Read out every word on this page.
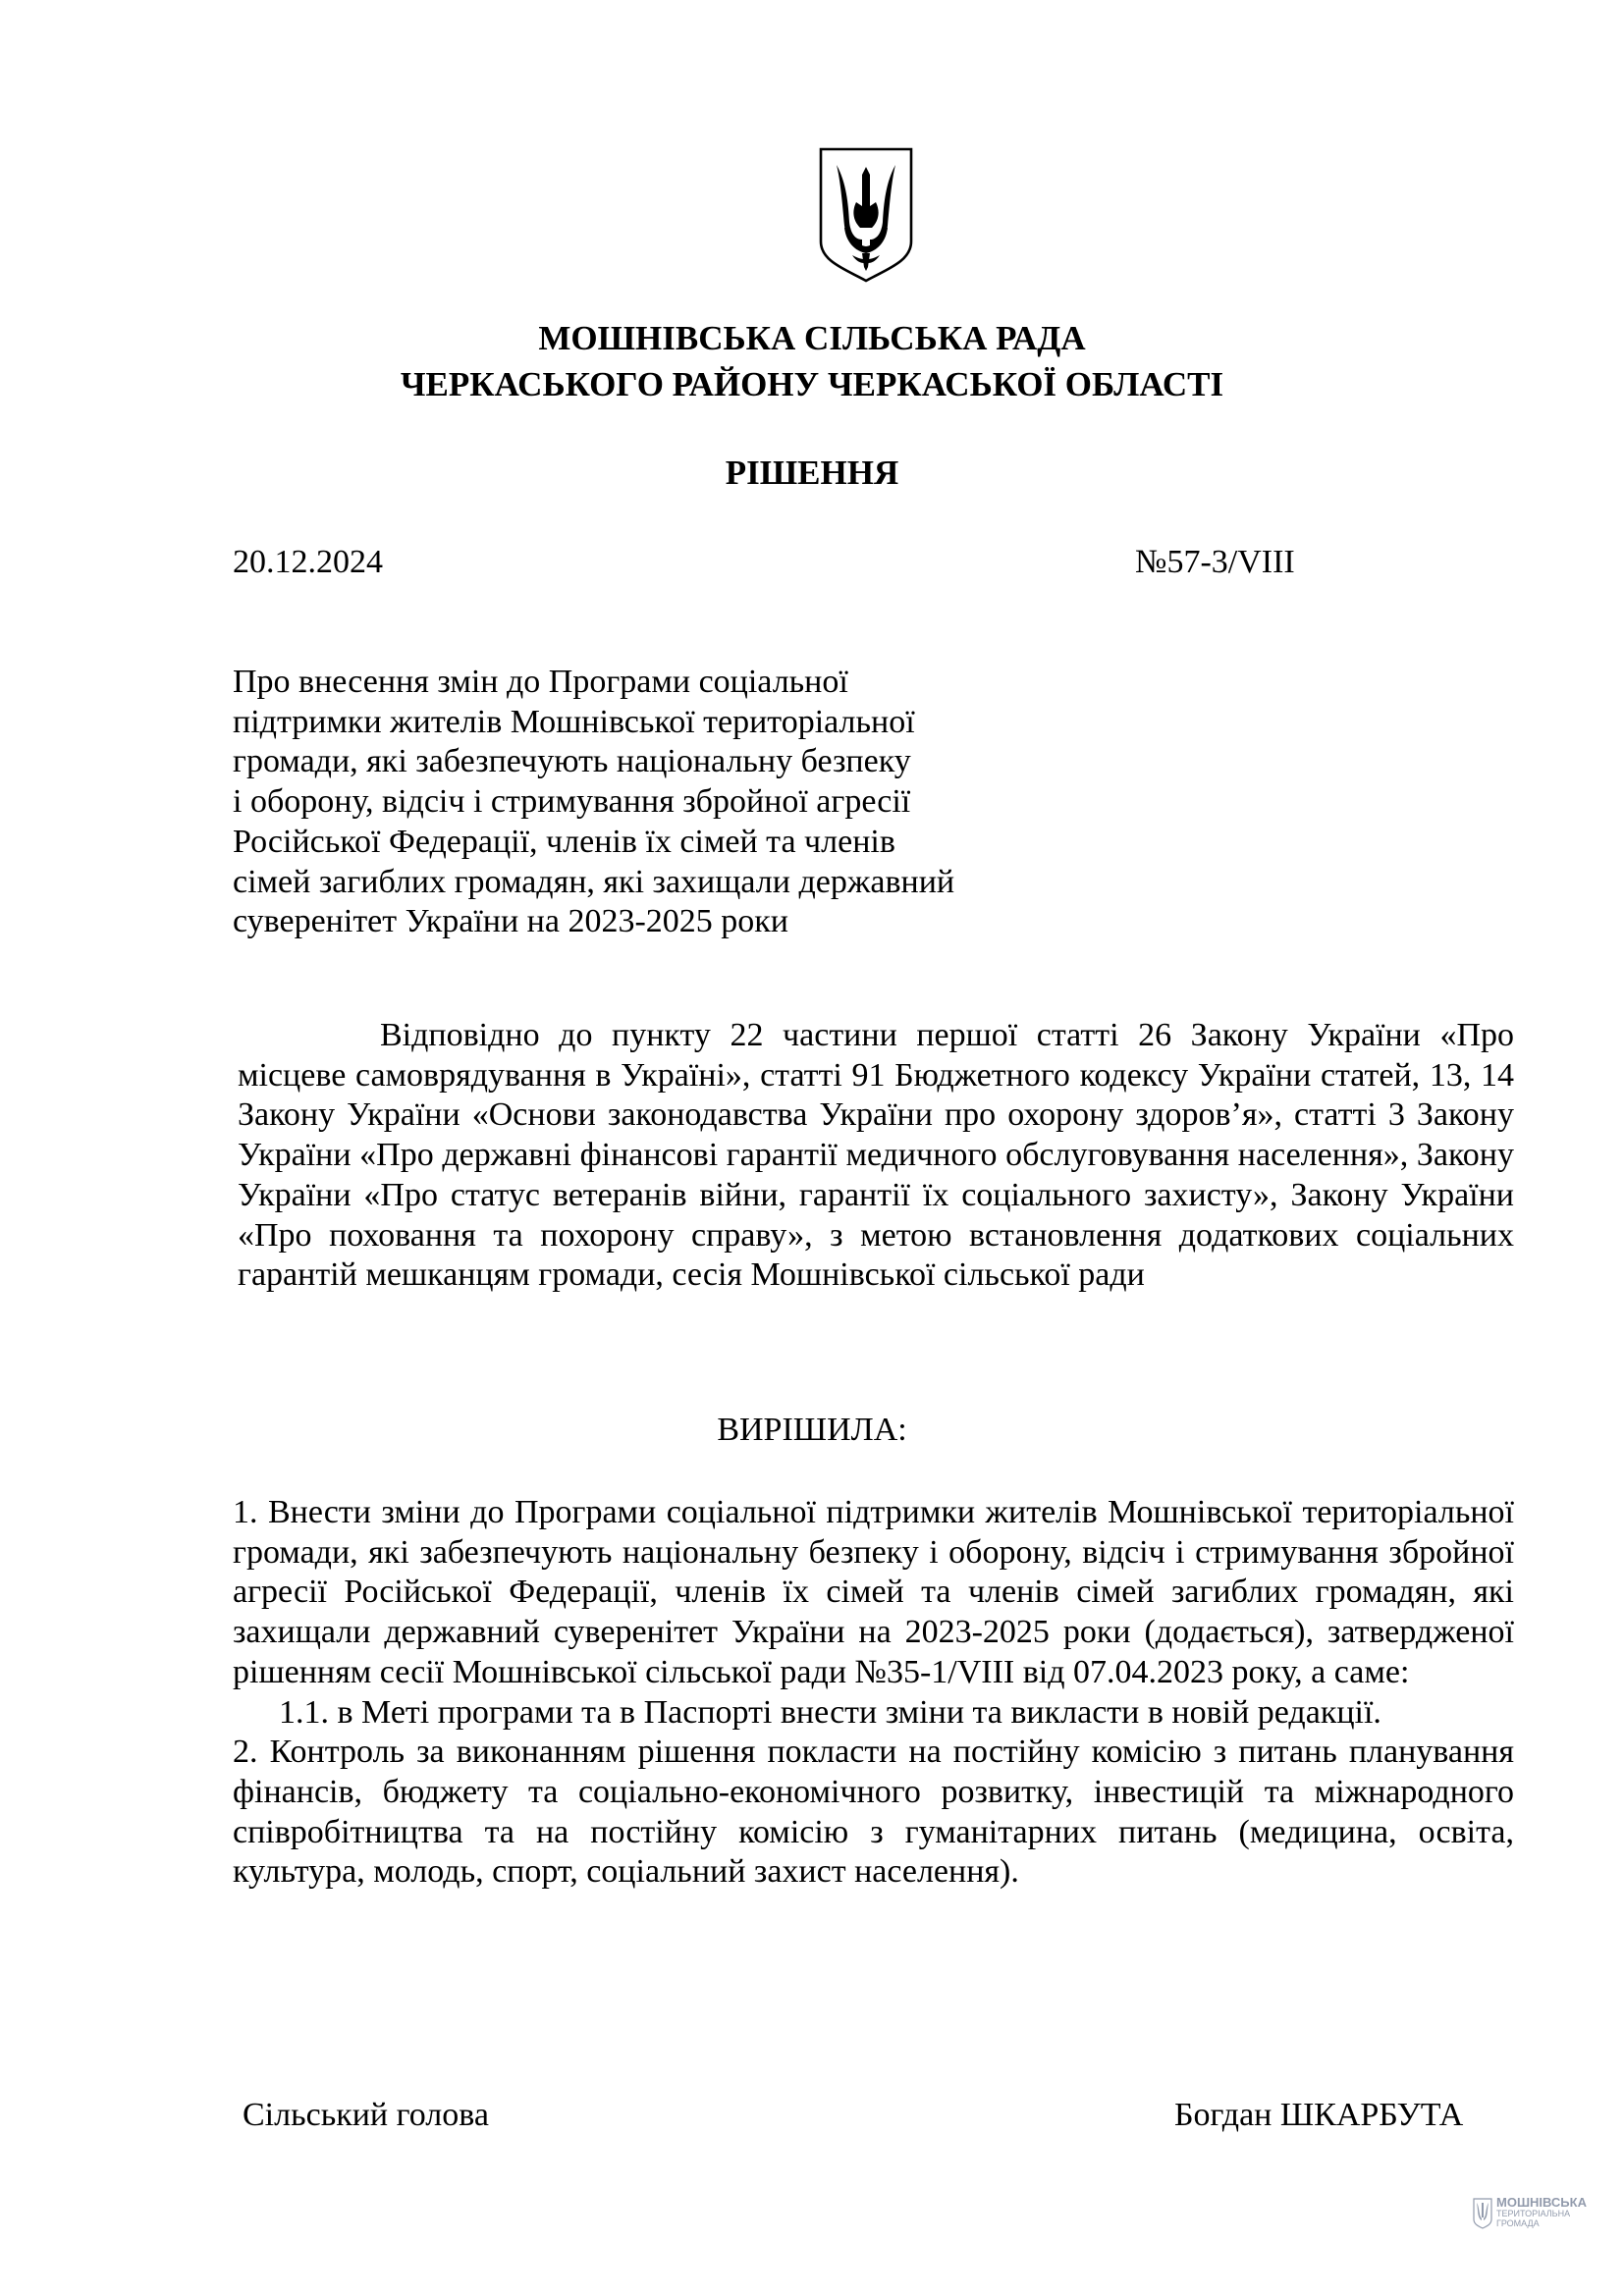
МОШНІВСЬКА СІЛЬСЬКА РАДА
ЧЕРКАСЬКОГО РАЙОНУ ЧЕРКАСЬКОЇ ОБЛАСТІ
РІШЕННЯ
20.12.2024	№57-3/VIII
Про внесення змін до Програми соціальної
підтримки жителів Мошнівської територіальної
громади, які забезпечують національну безпеку
і оборону, відсіч і стримування збройної агресії
Російської Федерації, членів їх сімей та членів
сімей загиблих громадян, які захищали державний
суверенітет України на 2023-2025 роки
Відповідно до пункту 22 частини першої статті 26 Закону України «Про місцеве самоврядування в Україні», статті 91 Бюджетного кодексу України статей, 13, 14 Закону України «Основи законодавства України про охорону здоров’я», статті 3 Закону України «Про державні фінансові гарантії медичного обслуговування населення», Закону України «Про статус ветеранів війни, гарантії їх соціального захисту», Закону України «Про поховання та похорону справу», з метою встановлення додаткових соціальних гарантій мешканцям громади, сесія Мошнівської сільської ради
ВИРІШИЛА:

1. Внести зміни до Програми соціальної підтримки жителів Мошнівської територіальної громади, які забезпечують національну безпеку і оборону, відсіч і стримування збройної агресії Російської Федерації, членів їх сімей та членів сімей загиблих громадян, які захищали державний суверенітет України на 2023-2025 роки (додається), затвердженої рішенням сесії Мошнівської сільської ради №35-1/VIII від 07.04.2023 року, а саме:

1.1. в Меті програми та в Паспорті внести зміни та викласти в новій редакції.

2. Контроль за виконанням рішення покласти на постійну комісію з питань планування фінансів, бюджету та соціально-економічного розвитку, інвестицій та міжнародного співробітництва та на постійну комісію з гуманітарних питань (медицина, освіта, культура, молодь, спорт, соціальний захист населення).

Сільський голова	Богдан ШКАРБУТА
МОШНІВСЬКА
ТЕРИТОРІАЛЬНА
ГРОМАДА
